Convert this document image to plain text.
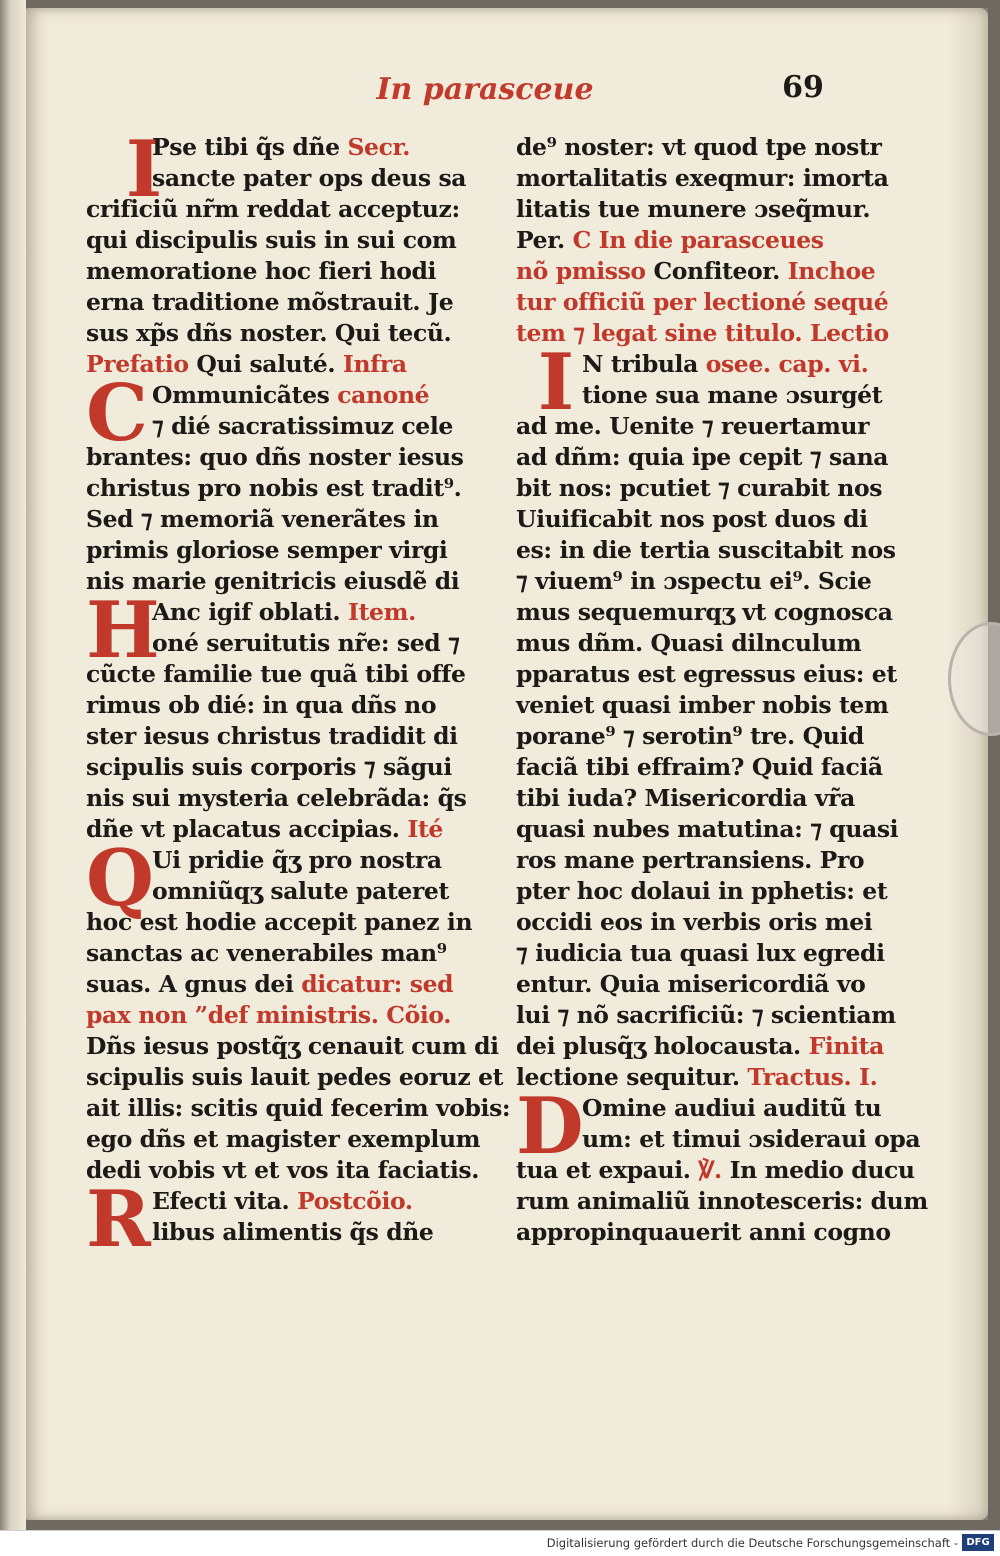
In parasceue	69
I
Pse tibi q̃s dñe Secr.
sancte pater ops deus sa
crificiũ nr̃m reddat acceptuz:
qui discipulis suis in sui com
memoratione hoc fieri hodi
erna traditione mõstrauit. Je
sus xp̃s dñs noster. Qui tecũ.
Prefatio Qui saluté. Infra
C Ommunicãtes canoné
⁊ dié sacratissimuz cele
brantes: quo dñs noster iesus
christus pro nobis est tradit⁹.
Sed ⁊ memoriã venerãtes in
primis gloriose semper virgi
nis marie genitricis eiusdẽ di
H
Anc igif oblati. Item.
oné seruitutis nr̃e: sed ⁊
cũcte familie tue quã tibi offe
rimus ob dié: in qua dñs no
ster iesus christus tradidit di
scipulis suis corporis ⁊ sãgui
nis sui mysteria celebrãda: q̃s
dñe vt placatus accipias. Ité
Q
Ui pridie q̃ʒ pro nostra
omniũqʒ salute pateret
hoc est hodie accepit panez in
sanctas ac venerabiles man⁹
suas. A gnus dei dicatur: sed
pax non ”def ministris. Cõio.
Dñs iesus postq̃ʒ cenauit cum di
scipulis suis lauit pedes eoruz et
ait illis: scitis quid fecerim vobis:
ego dñs et magister exemplum
dedi vobis vt et vos ita faciatis.
R Efecti vita. Postcõio.
libus alimentis q̃s dñe
de⁹ noster: vt quod tpe nostr
mortalitatis exeqmur: imorta
litatis tue munere ɔseq̃mur.
Per. C In die parasceues
nõ pmisso Confiteor. Inchoe
tur officiũ per lectioné sequé
tem ⁊ legat sine titulo. Lectio
I N tribula osee. cap. vi.
tione sua mane ɔsurgét
ad me. Uenite ⁊ reuertamur
ad dñm: quia ipe cepit ⁊ sana
bit nos: pcutiet ⁊ curabit nos
Uiuificabit nos post duos di
es: in die tertia suscitabit nos
⁊ viuem⁹ in ɔspectu ei⁹. Scie
mus sequemurqʒ vt cognosca
mus dñm. Quasi dilnculum
pparatus est egressus eius: et
veniet quasi imber nobis tem
porane⁹ ⁊ serotin⁹ tre. Quid
faciã tibi effraim? Quid faciã
tibi iuda? Misericordia vr̃a
quasi nubes matutina: ⁊ quasi
ros mane pertransiens. Pro
pter hoc dolaui in pphetis: et
occidi eos in verbis oris mei
⁊ iudicia tua quasi lux egredi
entur. Quia misericordiã vo
lui ⁊ nõ sacrificiũ: ⁊ scientiam
dei plusq̃ʒ holocausta. Finita
lectione sequitur. Tractus. I.
D
Omine audiui auditũ tu
um: et timui ɔsideraui opa
tua et expaui. ℣. In medio ducu
rum animaliũ innotesceris: dum
appropinquauerit anni cogno
Digitalisierung gefördert durch die Deutsche Forschungsgemeinschaft - DFG
